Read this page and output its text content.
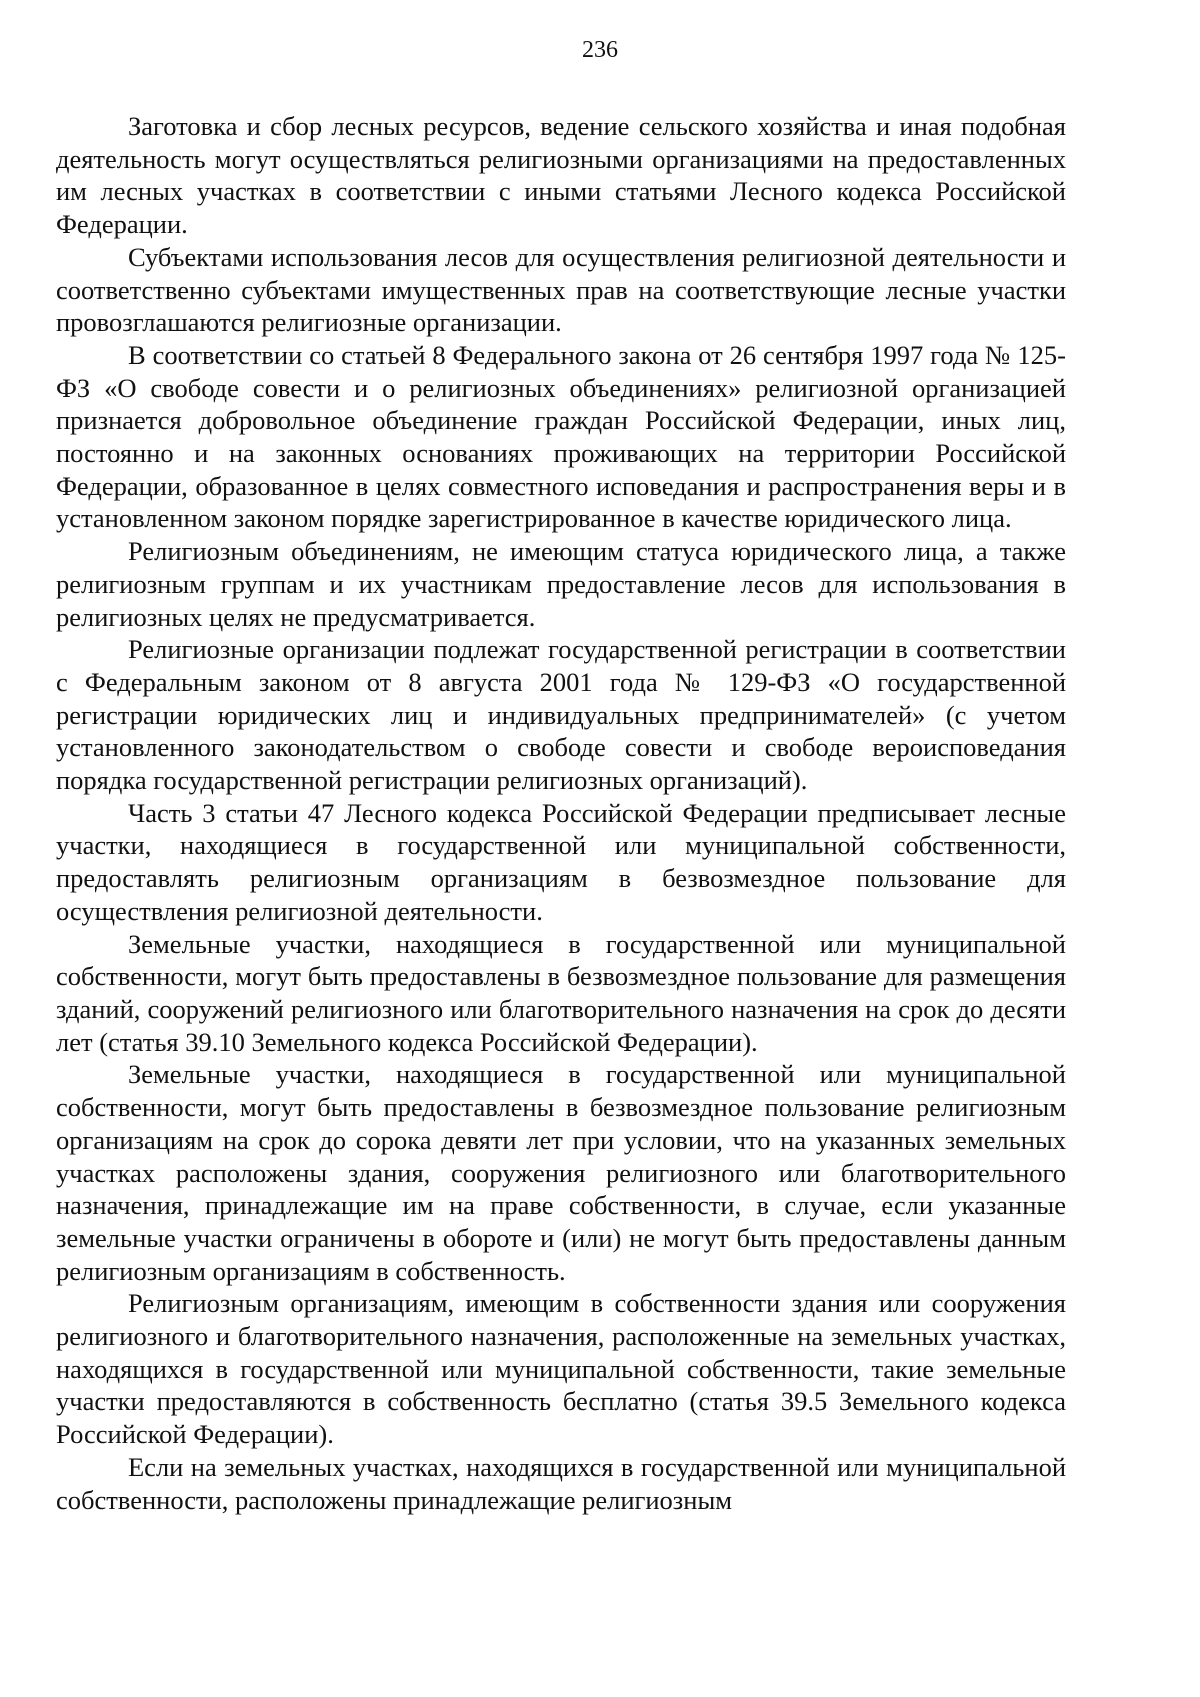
236

Заготовка и сбор лесных ресурсов, ведение сельского хозяйства и иная подобная деятельность могут осуществляться религиозными организациями на предоставленных им лесных участках в соответствии с иными статьями Лесного кодекса Российской Федерации.

Субъектами использования лесов для осуществления религиозной деятельности и соответственно субъектами имущественных прав на соответствующие лесные участки провозглашаются религиозные организации.

В соответствии со статьей 8 Федерального закона от 26 сентября 1997 года № 125-ФЗ «О свободе совести и о религиозных объединениях» религиозной организацией признается добровольное объединение граждан Российской Федерации, иных лиц, постоянно и на законных основаниях проживающих на территории Российской Федерации, образованное в целях совместного исповедания и распространения веры и в установленном законом порядке зарегистрированное в качестве юридического лица.

Религиозным объединениям, не имеющим статуса юридического лица, а также религиозным группам и их участникам предоставление лесов для использования в религиозных целях не предусматривается.

Религиозные организации подлежат государственной регистрации в соответствии с Федеральным законом от 8 августа 2001 года № 129-ФЗ «О государственной регистрации юридических лиц и индивидуальных предпринимателей» (с учетом установленного законодательством о свободе совести и свободе вероисповедания порядка государственной регистрации религиозных организаций).

Часть 3 статьи 47 Лесного кодекса Российской Федерации предписывает лесные участки, находящиеся в государственной или муниципальной собственности, предоставлять религиозным организациям в безвозмездное пользование для осуществления религиозной деятельности.

Земельные участки, находящиеся в государственной или муниципальной собственности, могут быть предоставлены в безвозмездное пользование для размещения зданий, сооружений религиозного или благотворительного назначения на срок до десяти лет (статья 39.10 Земельного кодекса Российской Федерации).

Земельные участки, находящиеся в государственной или муниципальной собственности, могут быть предоставлены в безвозмездное пользование религиозным организациям на срок до сорока девяти лет при условии, что на указанных земельных участках расположены здания, сооружения религиозного или благотворительного назначения, принадлежащие им на праве собственности, в случае, если указанные земельные участки ограничены в обороте и (или) не могут быть предоставлены данным религиозным организациям в собственность.

Религиозным организациям, имеющим в собственности здания или сооружения религиозного и благотворительного назначения, расположенные на земельных участках, находящихся в государственной или муниципальной собственности, такие земельные участки предоставляются в собственность бесплатно (статья 39.5 Земельного кодекса Российской Федерации).

Если на земельных участках, находящихся в государственной или муниципальной собственности, расположены принадлежащие религиозным
